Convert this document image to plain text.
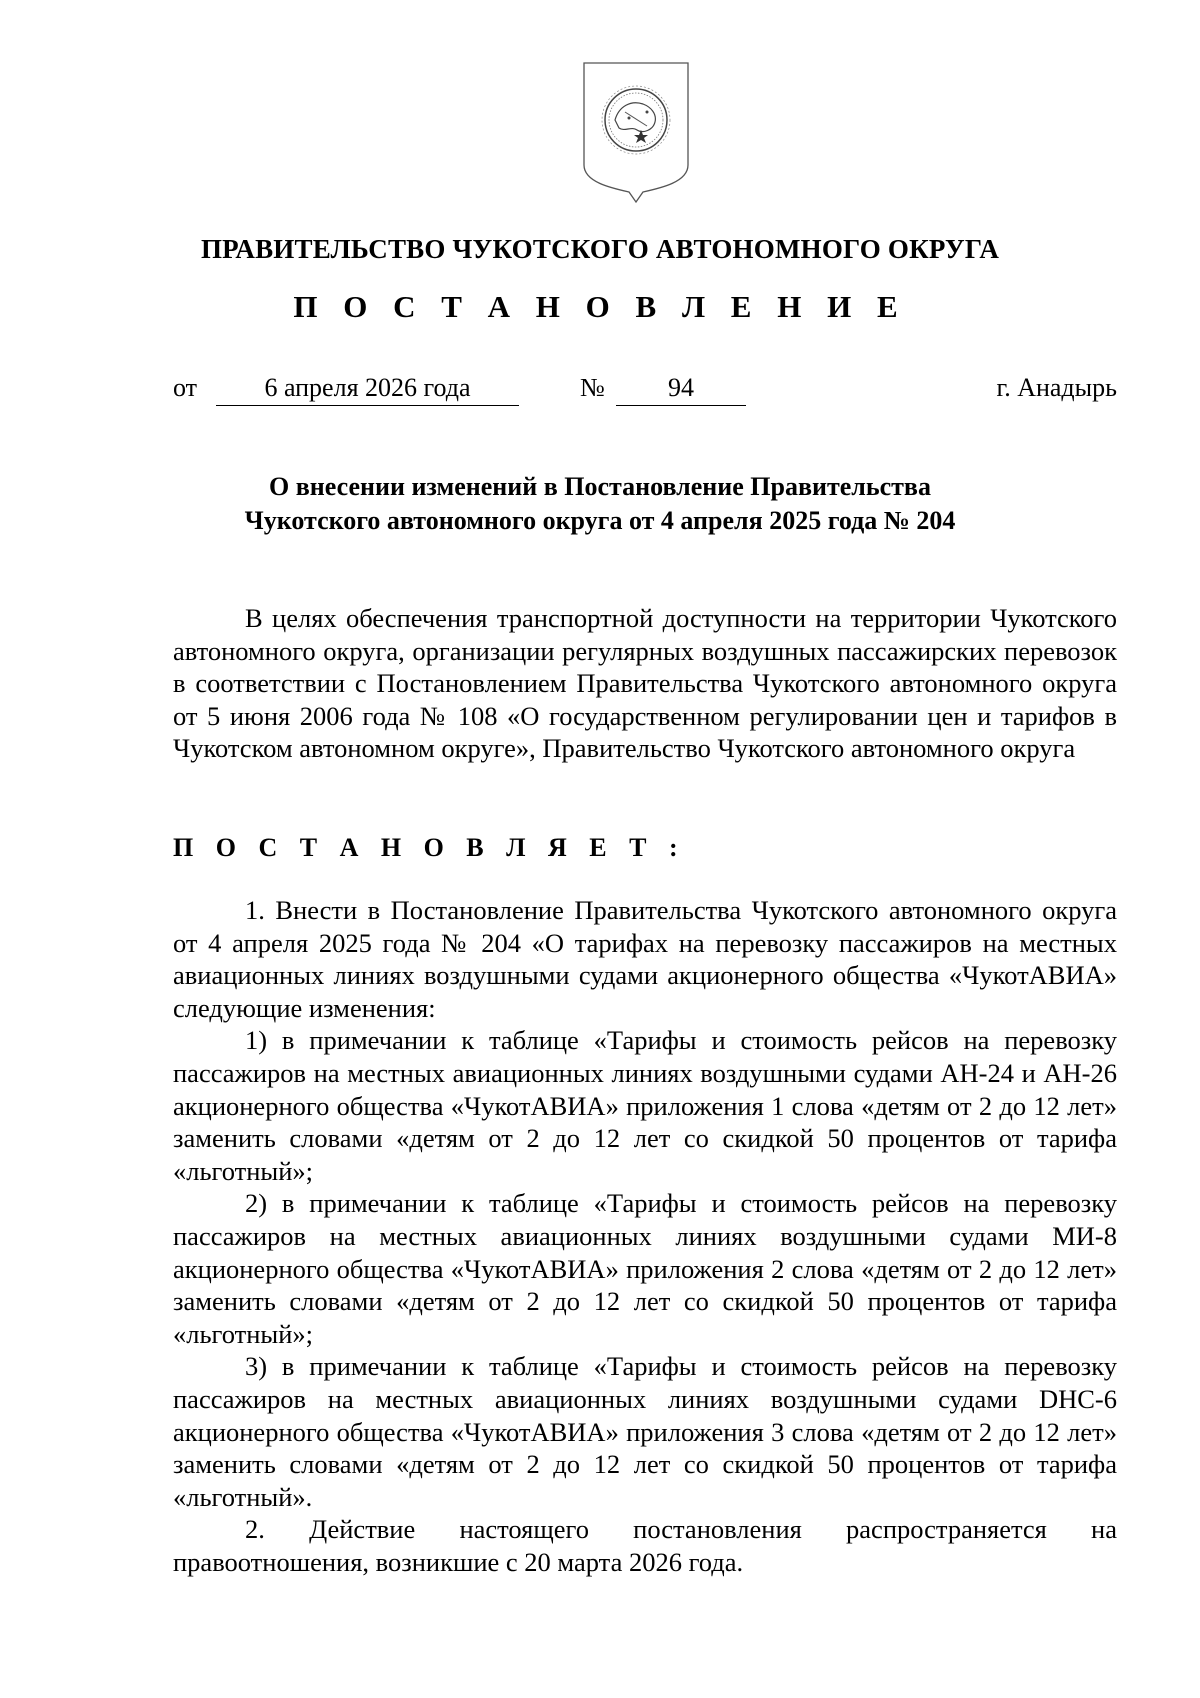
ПРАВИТЕЛЬСТВО ЧУКОТСКОГО АВТОНОМНОГО ОКРУГА
П О С Т А Н О В Л Е Н И Е
от	6 апреля 2026 года	№	94	г. Анадырь
О внесении изменений в Постановление Правительства
Чукотского автономного округа от 4 апреля 2025 года № 204

В целях обеспечения транспортной доступности на территории Чукотского автономного округа, организации регулярных воздушных пассажирских перевозок в соответствии с Постановлением Правительства Чукотского автономного округа от 5 июня 2006 года № 108 «О государственном регулировании цен и тарифов в Чукотском автономном округе», Правительство Чукотского автономного округа

П О С Т А Н О В Л Я Е Т :

1. Внести в Постановление Правительства Чукотского автономного округа от 4 апреля 2025 года № 204 «О тарифах на перевозку пассажиров на местных авиационных линиях воздушными судами акционерного общества «ЧукотАВИА» следующие изменения:

1) в примечании к таблице «Тарифы и стоимость рейсов на перевозку пассажиров на местных авиационных линиях воздушными судами АН-24 и АН-26 акционерного общества «ЧукотАВИА» приложения 1 слова «детям от 2 до 12 лет» заменить словами «детям от 2 до 12 лет со скидкой 50 процентов от тарифа «льготный»;

2) в примечании к таблице «Тарифы и стоимость рейсов на перевозку пассажиров на местных авиационных линиях воздушными судами МИ-8 акционерного общества «ЧукотАВИА» приложения 2 слова «детям от 2 до 12 лет» заменить словами «детям от 2 до 12 лет со скидкой 50 процентов от тарифа «льготный»;

3) в примечании к таблице «Тарифы и стоимость рейсов на перевозку пассажиров на местных авиационных линиях воздушными судами DHC-6 акционерного общества «ЧукотАВИА» приложения 3 слова «детям от 2 до 12 лет» заменить словами «детям от 2 до 12 лет со скидкой 50 процентов от тарифа «льготный».

2. Действие настоящего постановления распространяется на правоотношения, возникшие с 20 марта 2026 года.
